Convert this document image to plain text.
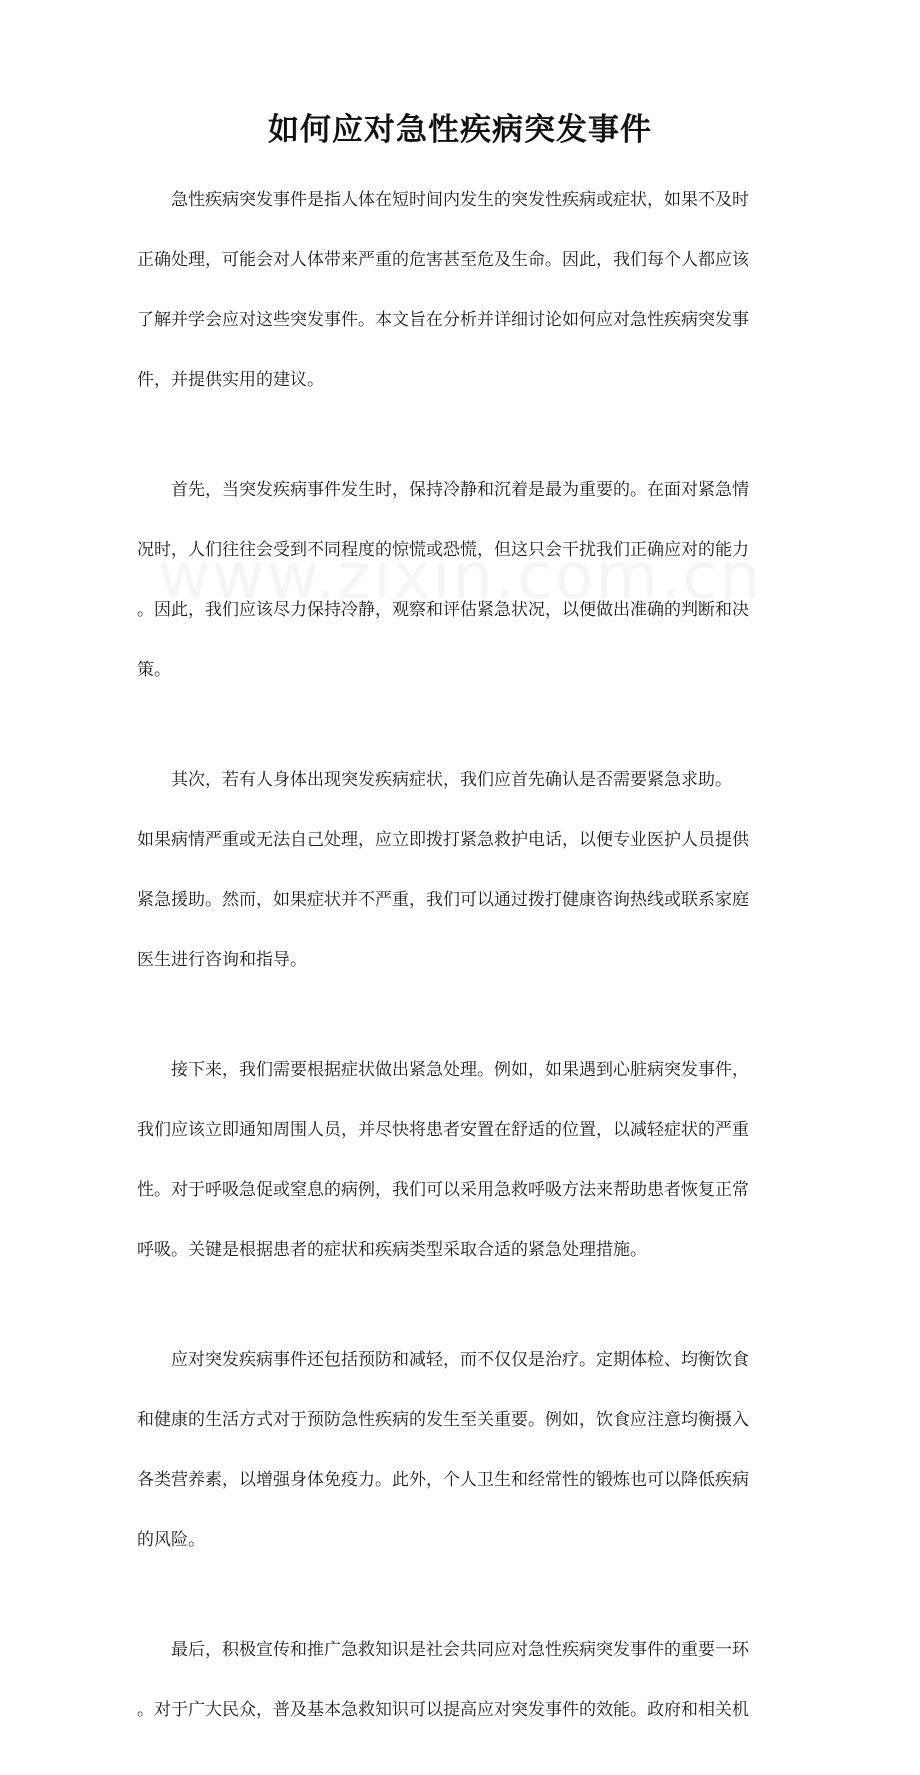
如何应对急性疾病突发事件

急性疾病突发事件是指人体在短时间内发生的突发性疾病或症状，如果不及时

正确处理，可能会对人体带来严重的危害甚至危及生命。因此，我们每个人都应该

了解并学会应对这些突发事件。本文旨在分析并详细讨论如何应对急性疾病突发事

件，并提供实用的建议。

首先，当突发疾病事件发生时，保持冷静和沉着是最为重要的。在面对紧急情

况时，人们往往会受到不同程度的惊慌或恐慌，但这只会干扰我们正确应对的能力

。因此，我们应该尽力保持冷静，观察和评估紧急状况，以便做出准确的判断和决

策。

其次，若有人身体出现突发疾病症状，我们应首先确认是否需要紧急求助。

如果病情严重或无法自己处理，应立即拨打紧急救护电话，以便专业医护人员提供

紧急援助。然而，如果症状并不严重，我们可以通过拨打健康咨询热线或联系家庭

医生进行咨询和指导。

接下来，我们需要根据症状做出紧急处理。例如，如果遇到心脏病突发事件，

我们应该立即通知周围人员，并尽快将患者安置在舒适的位置，以减轻症状的严重

性。对于呼吸急促或窒息的病例，我们可以采用急救呼吸方法来帮助患者恢复正常

呼吸。关键是根据患者的症状和疾病类型采取合适的紧急处理措施。

应对突发疾病事件还包括预防和减轻，而不仅仅是治疗。定期体检、均衡饮食

和健康的生活方式对于预防急性疾病的发生至关重要。例如，饮食应注意均衡摄入

各类营养素，以增强身体免疫力。此外，个人卫生和经常性的锻炼也可以降低疾病

的风险。

最后，积极宣传和推广急救知识是社会共同应对急性疾病突发事件的重要一环

。对于广大民众，普及基本急救知识可以提高应对突发事件的效能。政府和相关机
